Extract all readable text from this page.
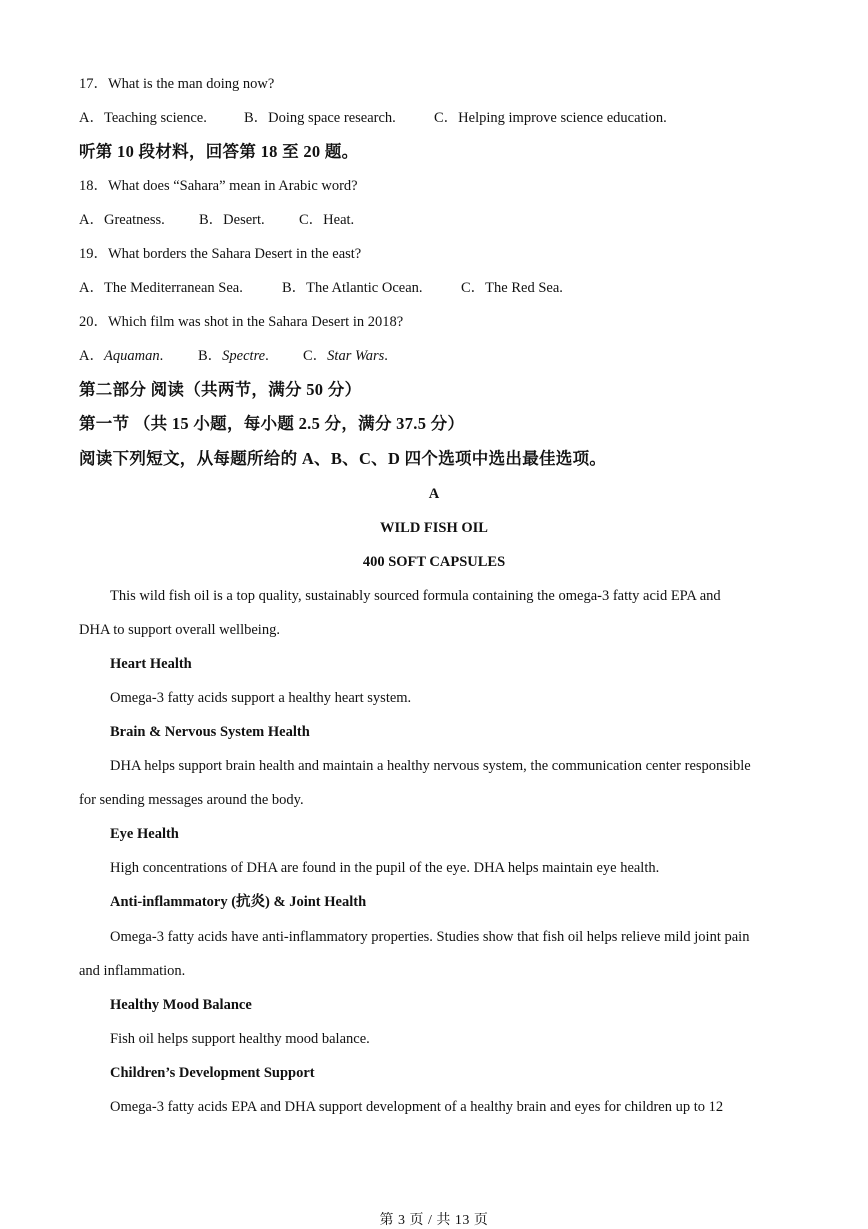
17．What is the man doing now?
A．Teaching science.	B．Doing space research.	C．Helping improve science education.
听第 10 段材料，回答第 18 至 20 题。
18．What does “Sahara” mean in Arabic word?
A．Greatness. B．Desert. C．Heat.
19．What borders the Sahara Desert in the east?
A．The Mediterranean Sea.	B．The Atlantic Ocean.	C．The Red Sea.
20．Which film was shot in the Sahara Desert in 2018?
A．Aquaman. B．Spectre. C．Star Wars.
第二部分 阅读（共两节，满分 50 分）
第一节 （共 15 小题，每小题 2.5 分，满分 37.5 分）
阅读下列短文，从每题所给的 A、B、C、D 四个选项中选出最佳选项。
A
WILD FISH OIL
400 SOFT CAPSULES
This wild fish oil is a top quality, sustainably sourced formula containing the omega-3 fatty acid EPA and
DHA to support overall wellbeing.
Heart Health
Omega-3 fatty acids support a healthy heart system.
Brain & Nervous System Health
DHA helps support brain health and maintain a healthy nervous system, the communication center responsible
for sending messages around the body.
Eye Health
High concentrations of DHA are found in the pupil of the eye. DHA helps maintain eye health.
Anti-inflammatory (抗炎) & Joint Health
Omega-3 fatty acids have anti-inflammatory properties. Studies show that fish oil helps relieve mild joint pain
and inflammation.
Healthy Mood Balance
Fish oil helps support healthy mood balance.
Children’s Development Support
Omega-3 fatty acids EPA and DHA support development of a healthy brain and eyes for children up to 12
第 3 页 / 共 13 页
